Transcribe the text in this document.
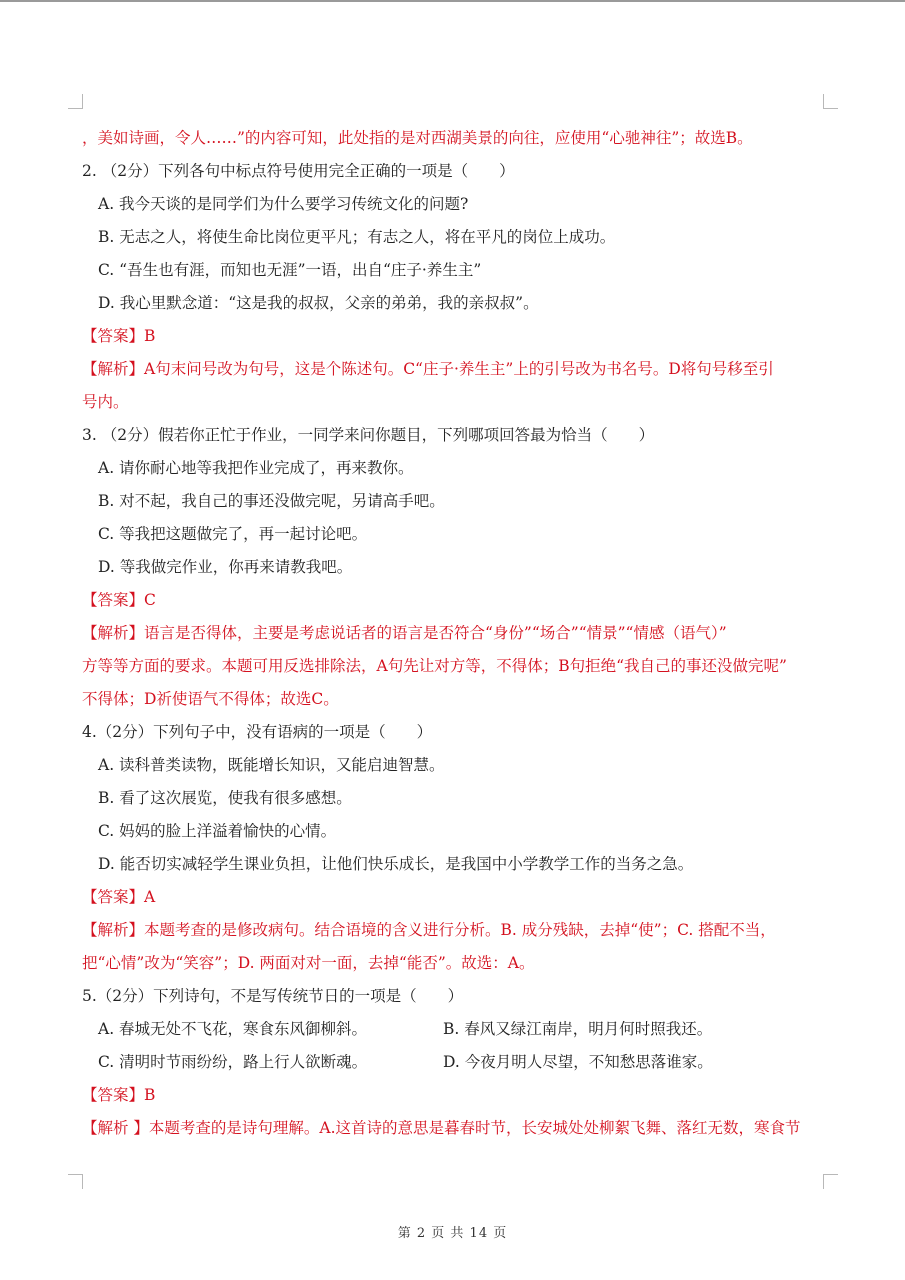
，美如诗画，令人……”的内容可知，此处指的是对西湖美景的向往，应使用“心驰神往”；故选B。
2. （2分）下列各句中标点符号使用完全正确的一项是（　　）
A. 我今天谈的是同学们为什么要学习传统文化的问题?
B. 无志之人，将使生命比岗位更平凡；有志之人，将在平凡的岗位上成功。
C. “吾生也有涯，而知也无涯”一语，出自“庄子·养生主”
D. 我心里默念道：“这是我的叔叔，父亲的弟弟，我的亲叔叔”。
【答案】B
【解析】A句末问号改为句号，这是个陈述句。C“庄子·养生主”上的引号改为书名号。D将句号移至引
号内。
3. （2分）假若你正忙于作业，一同学来问你题目，下列哪项回答最为恰当（　　）
A. 请你耐心地等我把作业完成了，再来教你。
B. 对不起，我自己的事还没做完呢，另请高手吧。
C. 等我把这题做完了，再一起讨论吧。
D. 等我做完作业，你再来请教我吧。
【答案】C
【解析】语言是否得体，主要是考虑说话者的语言是否符合“身份”“场合”“情景”“情感（语气）”
方等等方面的要求。本题可用反选排除法，A句先让对方等，不得体；B句拒绝“我自己的事还没做完呢”
不得体；D祈使语气不得体；故选C。
4.（2分）下列句子中，没有语病的一项是（　　）
A. 读科普类读物，既能增长知识，又能启迪智慧。
B. 看了这次展览，使我有很多感想。
C. 妈妈的脸上洋溢着愉快的心情。
D. 能否切实减轻学生课业负担，让他们快乐成长，是我国中小学教学工作的当务之急。
【答案】A
【解析】本题考查的是修改病句。结合语境的含义进行分析。B. 成分残缺，去掉“使”；C. 搭配不当，
把“心情”改为“笑容”；D. 两面对对一面，去掉“能否”。故选：A。
5.（2分）下列诗句，不是写传统节日的一项是（　　）
A. 春城无处不飞花，寒食东风御柳斜。	B. 春风又绿江南岸，明月何时照我还。
C. 清明时节雨纷纷，路上行人欲断魂。	D. 今夜月明人尽望，不知愁思落谁家。
【答案】B
【解析 】本题考查的是诗句理解。A.这首诗的意思是暮春时节，长安城处处柳絮飞舞、落红无数，寒食节
第 2 页 共 14 页
